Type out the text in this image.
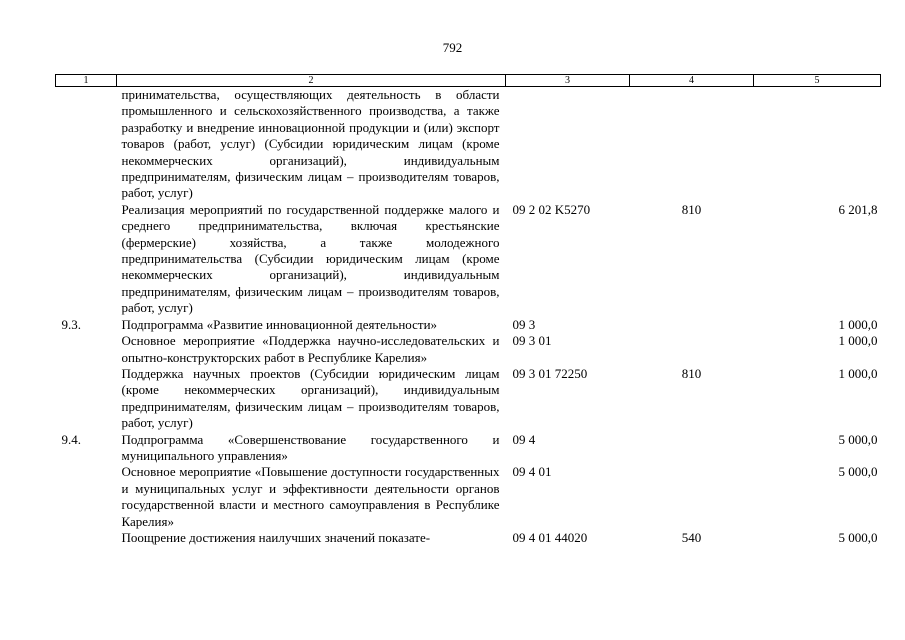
792
1	2	3	4	5
	принимательства, осуществляющих деятельность в области промышленного и сельскохозяйственного производства, а также разработку и внедрение инновационной продукции и (или) экспорт товаров (работ, услуг) (Субсидии юридическим лицам (кроме некоммерческих организаций), индивидуальным предпринимателям, физическим лицам – производителям товаров, работ, услуг)			
	Реализация мероприятий по государственной поддержке малого и среднего предпринимательства, включая крестьянские (фермерские) хозяйства, а также молодежного предпринимательства (Субсидии юридическим лицам (кроме некоммерческих организаций), индивидуальным предпринимателям, физическим лицам – производителям товаров, работ, услуг)	09 2 02 K5270	810	6 201,8
9.3.	Подпрограмма «Развитие инновационной деятельности»	09 3		1 000,0
	Основное мероприятие «Поддержка научно-исследовательских и опытно-конструкторских работ в Республике Карелия»	09 3 01		1 000,0
	Поддержка научных проектов (Субсидии юридическим лицам (кроме некоммерческих организаций), индивидуальным предпринимателям, физическим лицам – производителям товаров, работ, услуг)	09 3 01 72250	810	1 000,0
9.4.	Подпрограмма «Совершенствование государственного и муниципального управления»	09 4		5 000,0
	Основное мероприятие «Повышение доступности государственных и муниципальных услуг и эффективности деятельности органов государственной власти и местного самоуправления в Республике Карелия»	09 4 01		5 000,0
	Поощрение достижения наилучших значений показате-	09 4 01 44020	540	5 000,0
